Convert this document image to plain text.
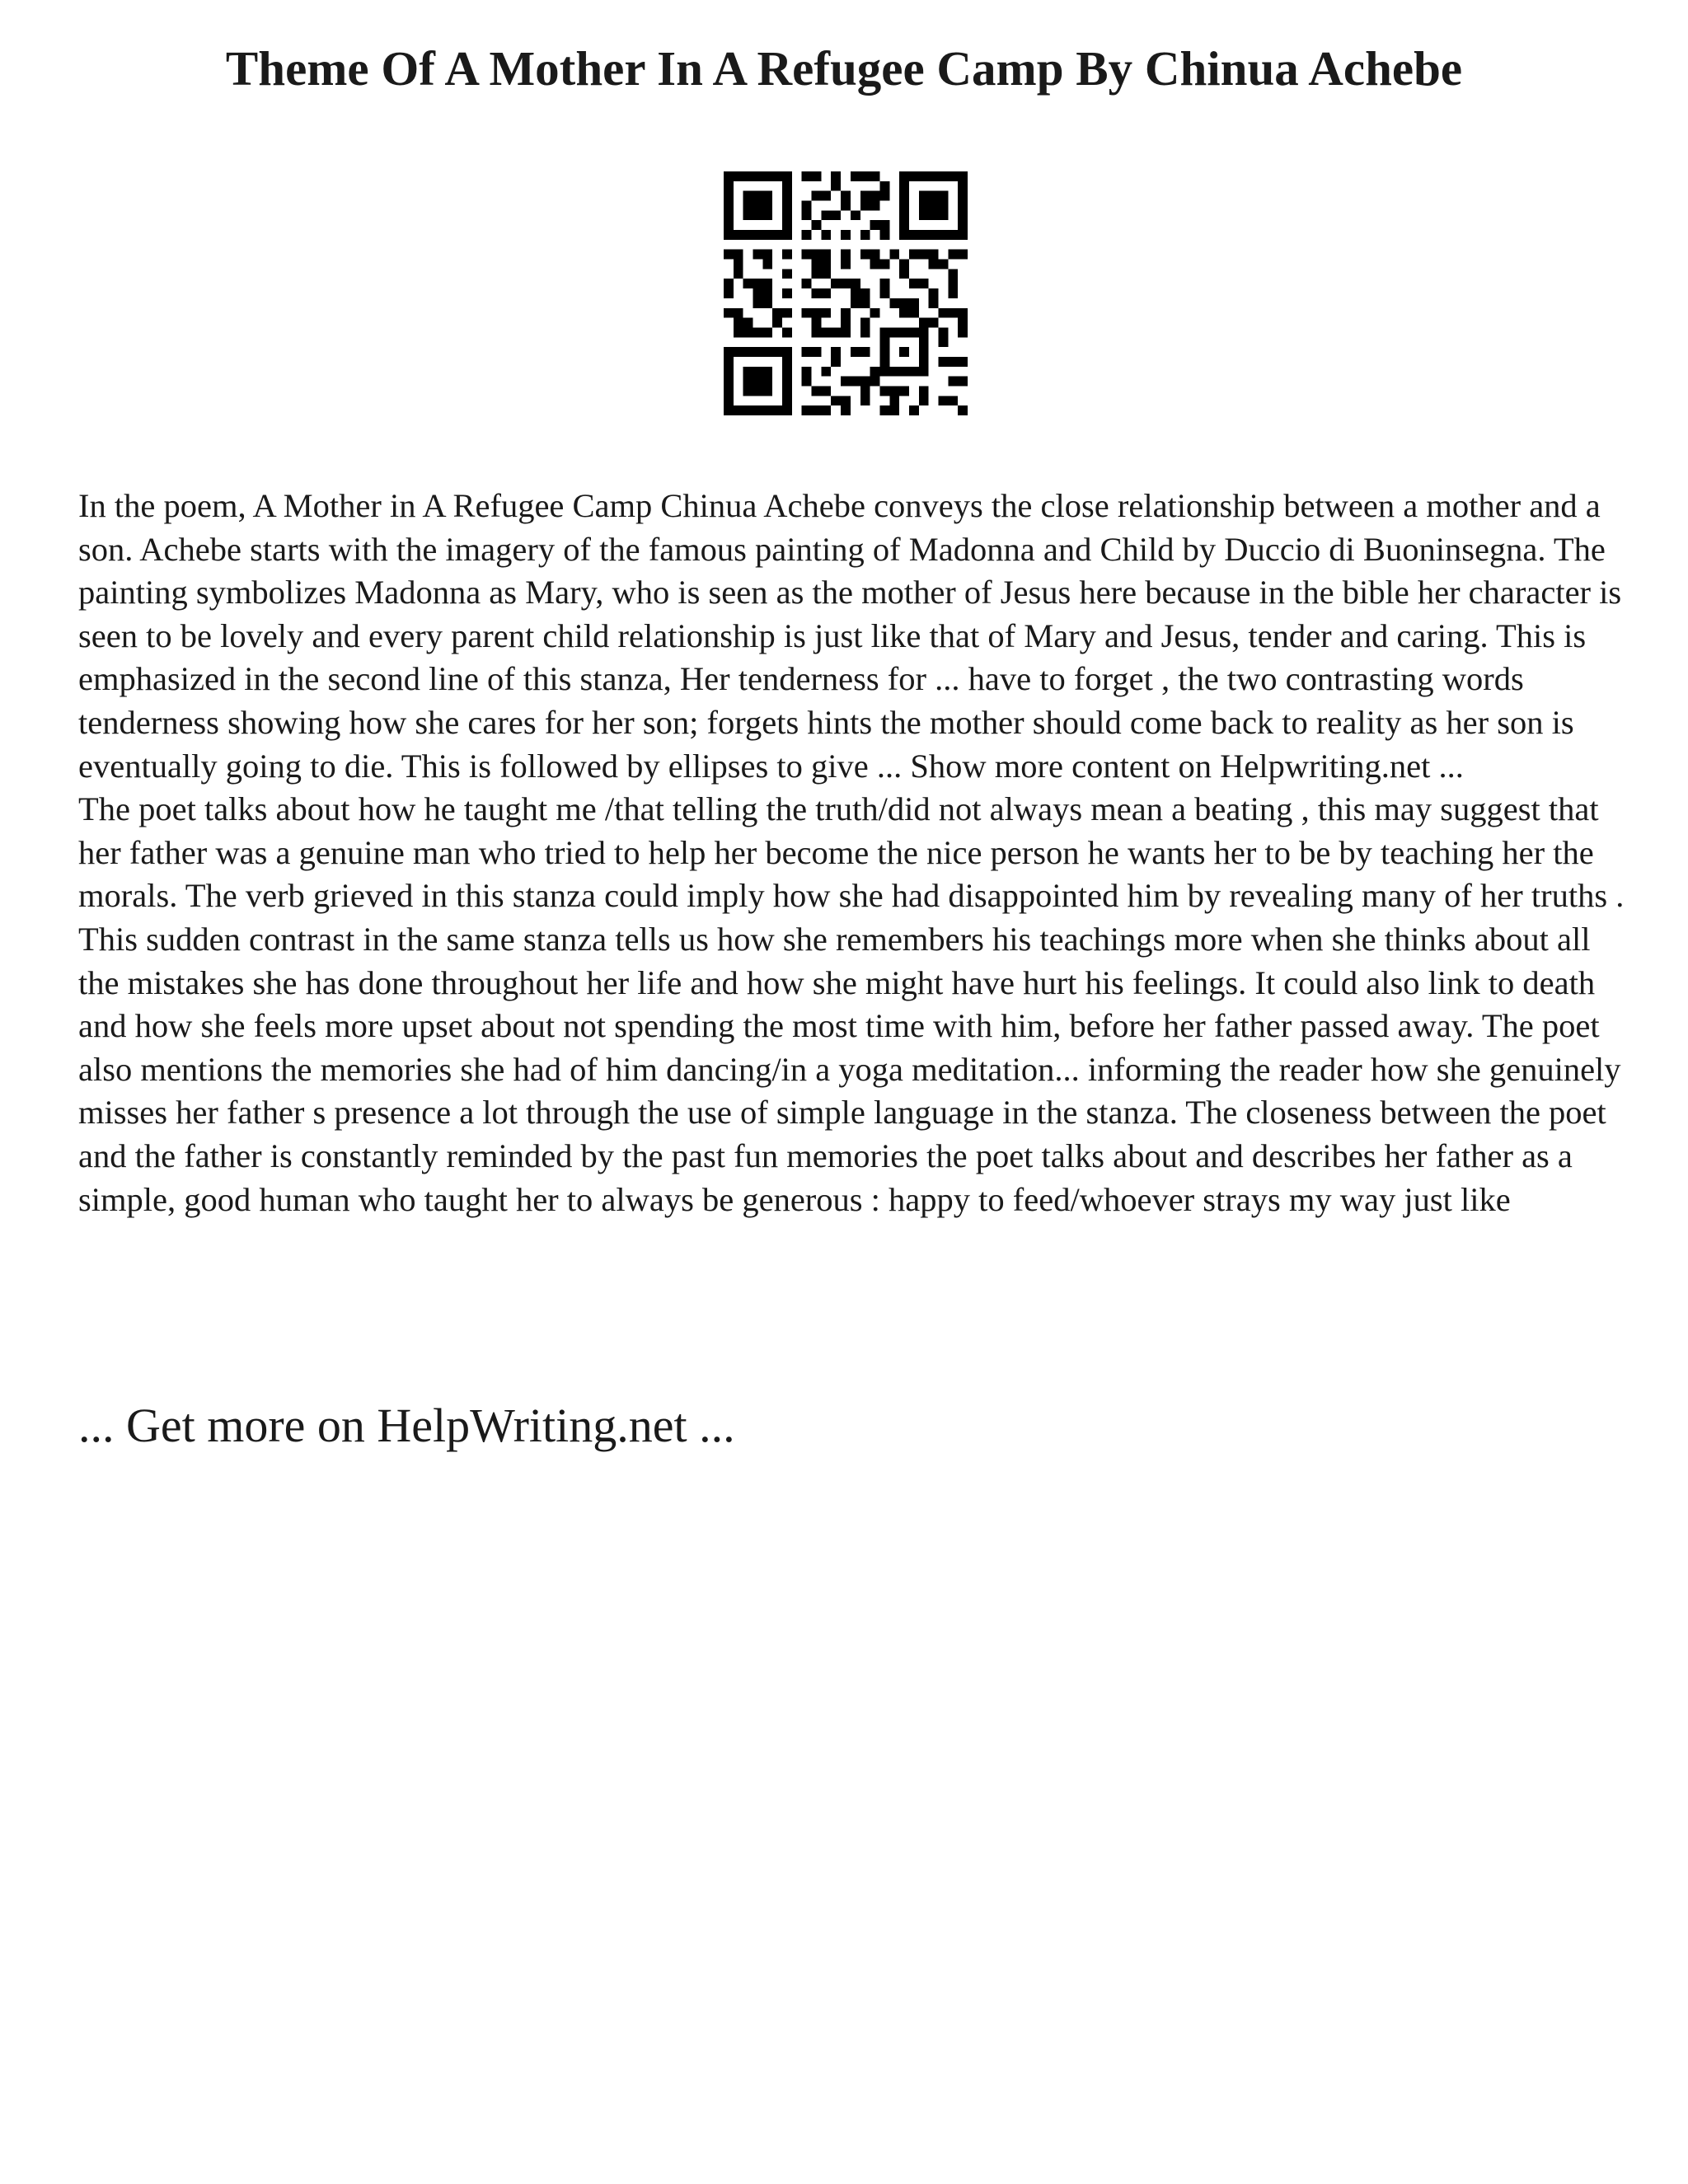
Theme Of A Mother In A Refugee Camp By Chinua Achebe

In the poem, A Mother in A Refugee Camp Chinua Achebe conveys the close relationship between a mother and a son. Achebe starts with the imagery of the famous painting of Madonna and Child by Duccio di Buoninsegna. The painting symbolizes Madonna as Mary, who is seen as the mother of Jesus here because in the bible her character is seen to be lovely and every parent child relationship is just like that of Mary and Jesus, tender and caring. This is emphasized in the second line of this stanza, Her tenderness for ... have to forget , the two contrasting words tenderness showing how she cares for her son; forgets hints the mother should come back to reality as her son is eventually going to die. This is followed by ellipses to give ... Show more content on Helpwriting.net ...

The poet talks about how he taught me /that telling the truth/did not always mean a beating , this may suggest that her father was a genuine man who tried to help her become the nice person he wants her to be by teaching her the morals. The verb grieved in this stanza could imply how she had disappointed him by revealing many of her truths . This sudden contrast in the same stanza tells us how she remembers his teachings more when she thinks about all the mistakes she has done throughout her life and how she might have hurt his feelings. It could also link to death and how she feels more upset about not spending the most time with him, before her father passed away. The poet also mentions the memories she had of him dancing/in a yoga meditation... informing the reader how she genuinely misses her father s presence a lot through the use of simple language in the stanza. The closeness between the poet and the father is constantly reminded by the past fun memories the poet talks about and describes her father as a simple, good human who taught her to always be generous : happy to feed/whoever strays my way just like

... Get more on HelpWriting.net ...
